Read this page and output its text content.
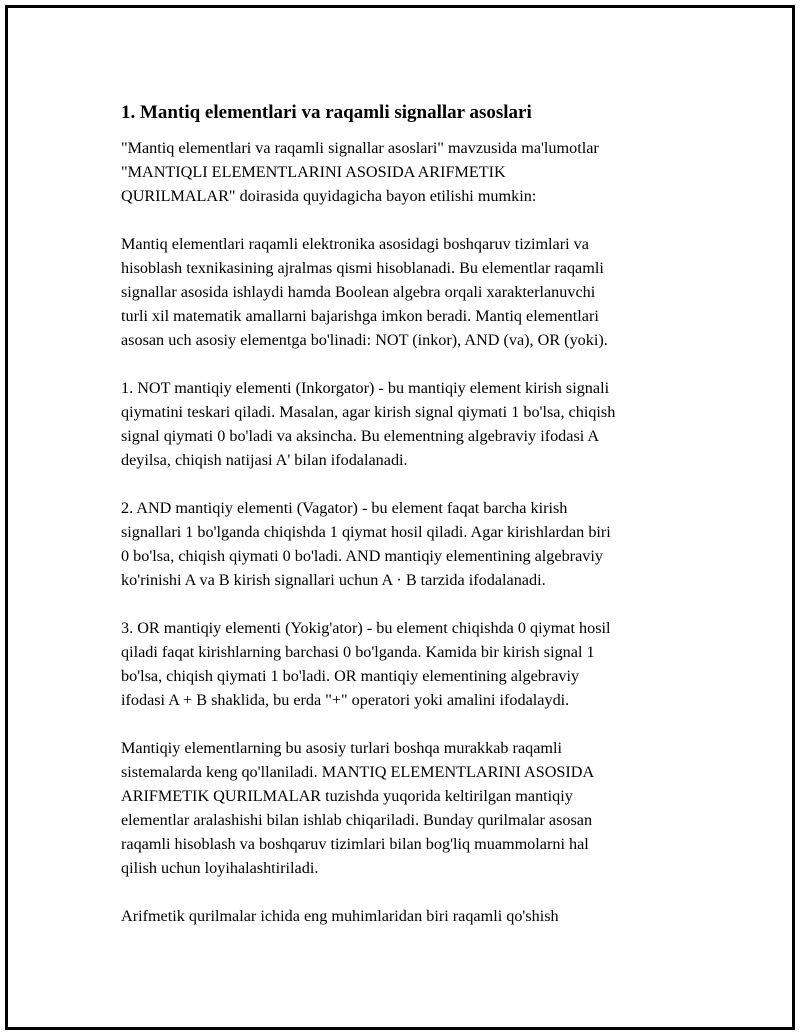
1. Mantiq elementlari va raqamli signallar asoslari

"Mantiq elementlari va raqamli signallar asoslari" mavzusida ma'lumotlar
"MANTIQLI ELEMENTLARINI ASOSIDA ARIFMETIK
QURILMALAR" doirasida quyidagicha bayon etilishi mumkin:

Mantiq elementlari raqamli elektronika asosidagi boshqaruv tizimlari va
hisoblash texnikasining ajralmas qismi hisoblanadi. Bu elementlar raqamli
signallar asosida ishlaydi hamda Boolean algebra orqali xarakterlanuvchi
turli xil matematik amallarni bajarishga imkon beradi. Mantiq elementlari
asosan uch asosiy elementga bo'linadi: NOT (inkor), AND (va), OR (yoki).

1. NOT mantiqiy elementi (Inkorgator) - bu mantiqiy element kirish signali
qiymatini teskari qiladi. Masalan, agar kirish signal qiymati 1 bo'lsa, chiqish
signal qiymati 0 bo'ladi va aksincha. Bu elementning algebraviy ifodasi A
deyilsa, chiqish natijasi A' bilan ifodalanadi.

2. AND mantiqiy elementi (Vagator) - bu element faqat barcha kirish
signallari 1 bo'lganda chiqishda 1 qiymat hosil qiladi. Agar kirishlardan biri
0 bo'lsa, chiqish qiymati 0 bo'ladi. AND mantiqiy elementining algebraviy
ko'rinishi A va B kirish signallari uchun A · B tarzida ifodalanadi.

3. OR mantiqiy elementi (Yokig'ator) - bu element chiqishda 0 qiymat hosil
qiladi faqat kirishlarning barchasi 0 bo'lganda. Kamida bir kirish signal 1
bo'lsa, chiqish qiymati 1 bo'ladi. OR mantiqiy elementining algebraviy
ifodasi A + B shaklida, bu erda "+" operatori yoki amalini ifodalaydi.

Mantiqiy elementlarning bu asosiy turlari boshqa murakkab raqamli
sistemalarda keng qo'llaniladi. MANTIQ ELEMENTLARINI ASOSIDA
ARIFMETIK QURILMALAR tuzishda yuqorida keltirilgan mantiqiy
elementlar aralashishi bilan ishlab chiqariladi. Bunday qurilmalar asosan
raqamli hisoblash va boshqaruv tizimlari bilan bog'liq muammolarni hal
qilish uchun loyihalashtiriladi.

Arifmetik qurilmalar ichida eng muhimlaridan biri raqamli qo'shish
